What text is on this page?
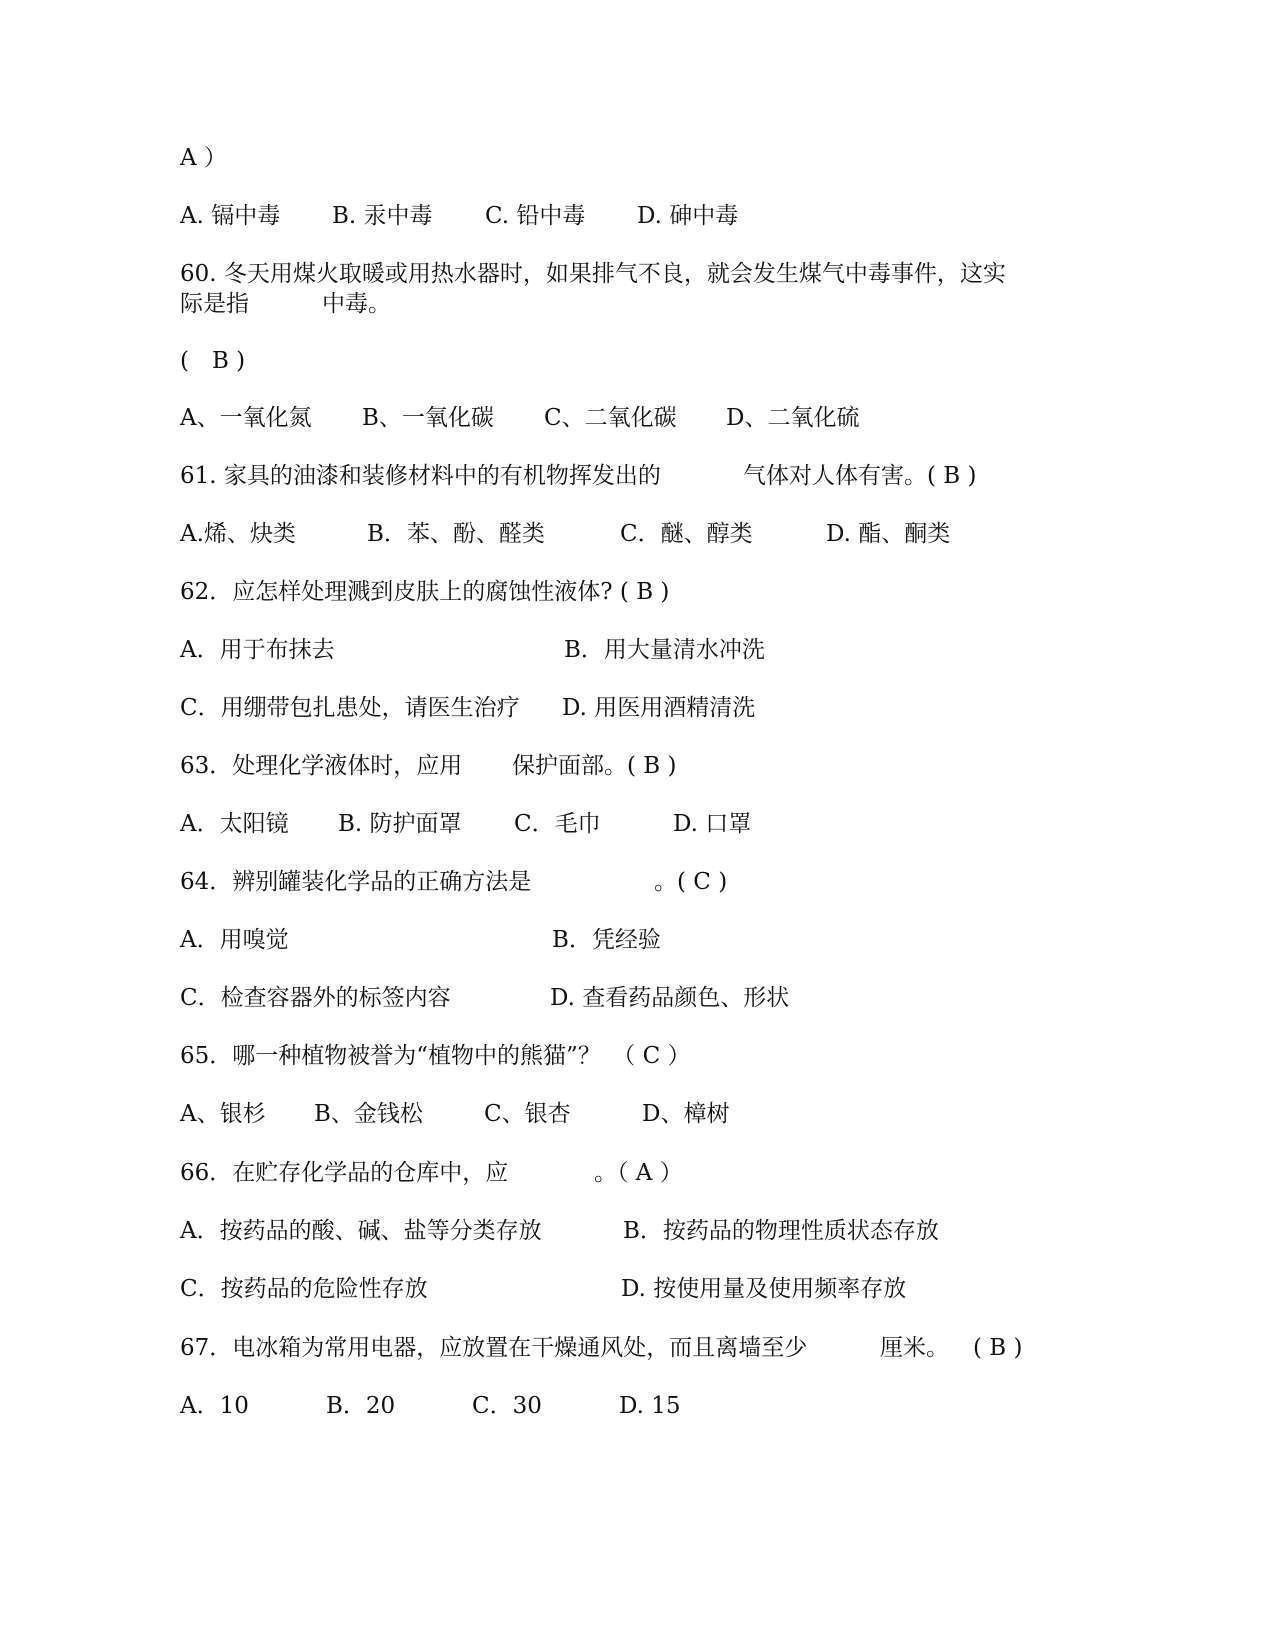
A ）
A. 镉中毒 B. 汞中毒 C. 铅中毒 D. 砷中毒
60. 冬天用煤火取暖或用热水器时，如果排气不良，就会发生煤气中毒事件，这实
际是指	中毒。
(　B )
A、一氧化氮 B、一氧化碳 C、二氧化碳 D、二氧化硫
61. 家具的油漆和装修材料中的有机物挥发出的	气体对人体有害。( B )
A.烯、炔类	B．苯、酚、醛类	C．醚、醇类	D. 酯、酮类
62．应怎样处理溅到皮肤上的腐蚀性液体? ( B )
A．用于布抹去	B．用大量清水冲洗
C．用绷带包扎患处，请医生治疗 D. 用医用酒精清洗
63．处理化学液体时，应用 保护面部。( B )
A．太阳镜 B. 防护面罩 C．毛巾	D. 口罩
64．辨别罐装化学品的正确方法是	。( C )
A．用嗅觉	B．凭经验
C．检查容器外的标签内容	D. 查看药品颜色、形状
65．哪一种植物被誉为“植物中的熊猫”？　（ C ）
A、银杉 B、金钱松	C、银杏	D、樟树
66．在贮存化学品的仓库中，应	。（ A ）
A．按药品的酸、碱、盐等分类存放	B．按药品的物理性质状态存放
C．按药品的危险性存放	D. 按使用量及使用频率存放
67．电冰箱为常用电器，应放置在干燥通风处，而且离墙至少	厘米。 ( B )
A．10	B．20	C．30	D. 15
